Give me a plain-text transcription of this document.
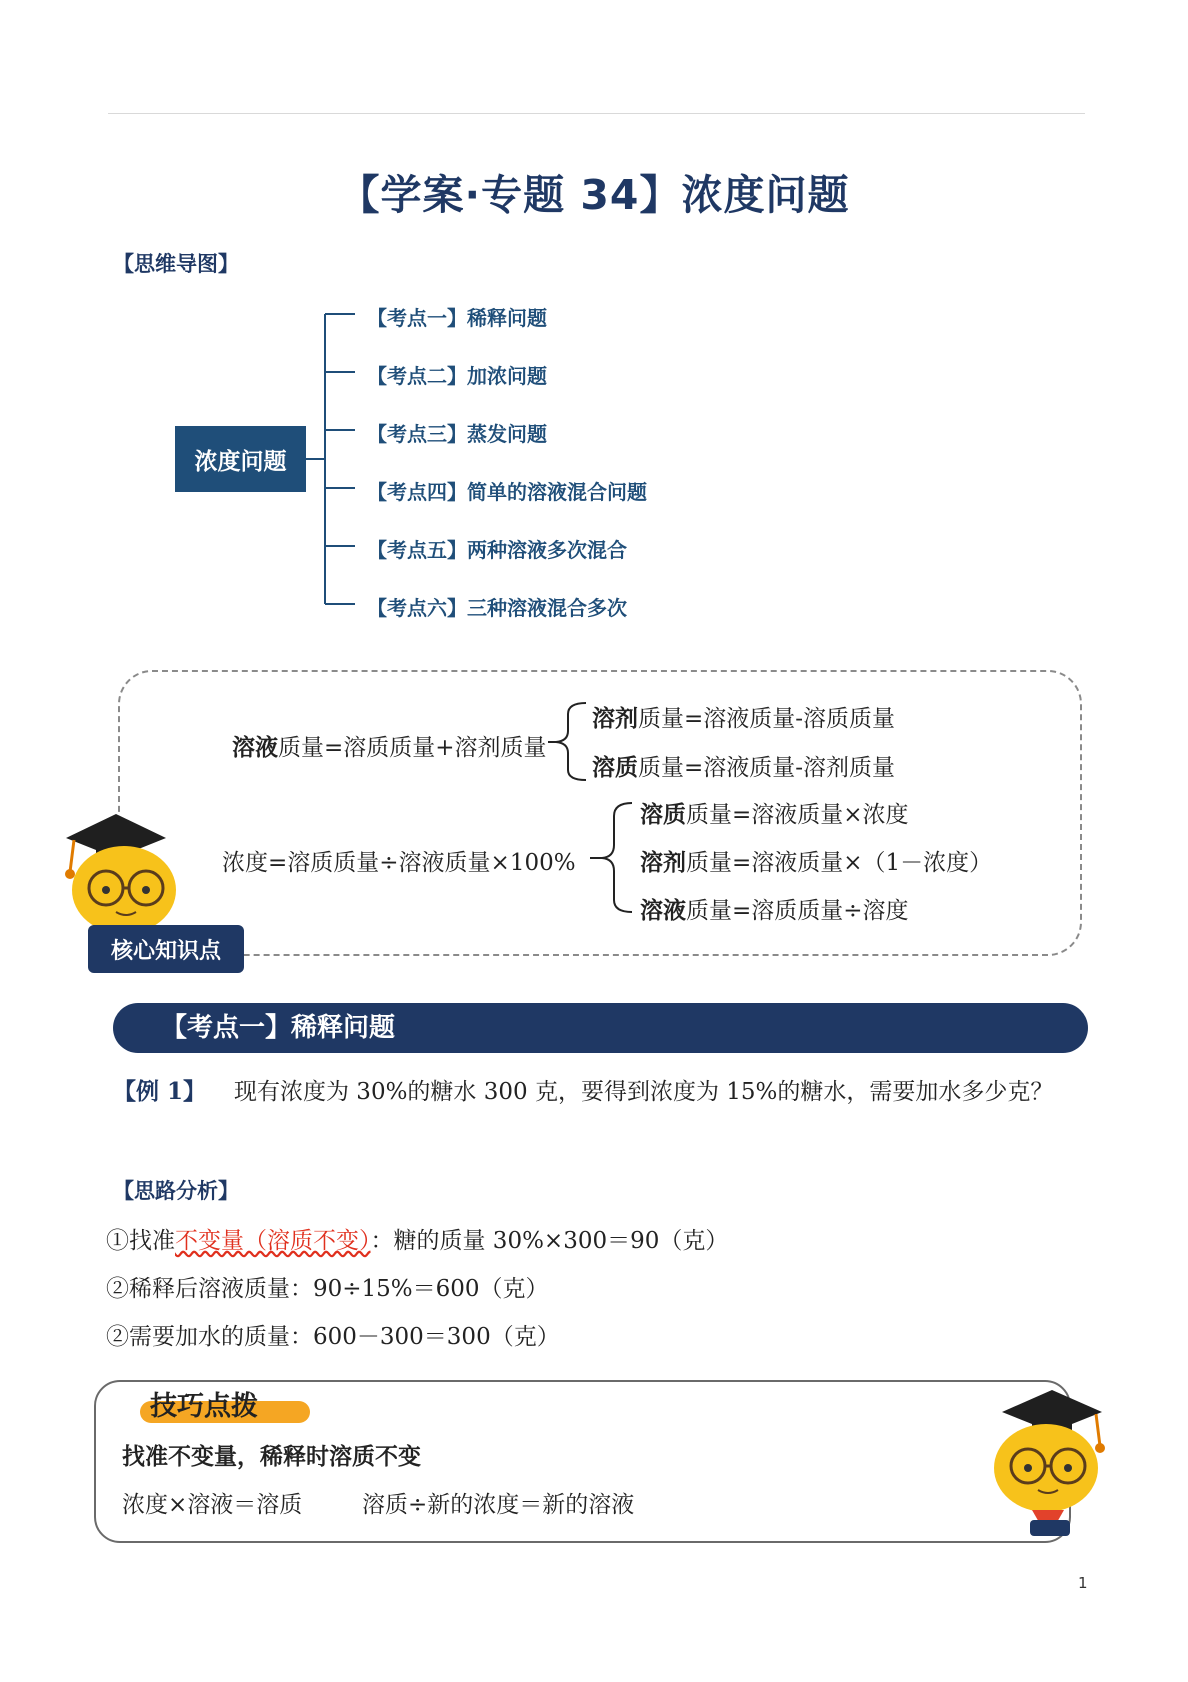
【学案·专题 34】浓度问题
【思维导图】
浓度问题
【考点一】稀释问题
【考点二】加浓问题
【考点三】蒸发问题
【考点四】简单的溶液混合问题
【考点五】两种溶液多次混合
【考点六】三种溶液混合多次
溶液质量=溶质质量+溶剂质量
溶剂质量=溶液质量-溶质质量
溶质质量=溶液质量-溶剂质量
浓度=溶质质量÷溶液质量×100%
溶质质量=溶液质量×浓度
溶剂质量=溶液质量×（1－浓度）
溶液质量=溶质质量÷溶度
核心知识点
【考点一】稀释问题
【例 1】 现有浓度为 30%的糖水 300 克，要得到浓度为 15%的糖水，需要加水多少克？
【思路分析】
①找准不变量（溶质不变）：糖的质量 30%×300＝90（克）
②稀释后溶液质量：90÷15%＝600（克）
②需要加水的质量：600－300＝300（克）
技巧点拨
找准不变量，稀释时溶质不变
浓度×溶液＝溶质	溶质÷新的浓度＝新的溶液
1
